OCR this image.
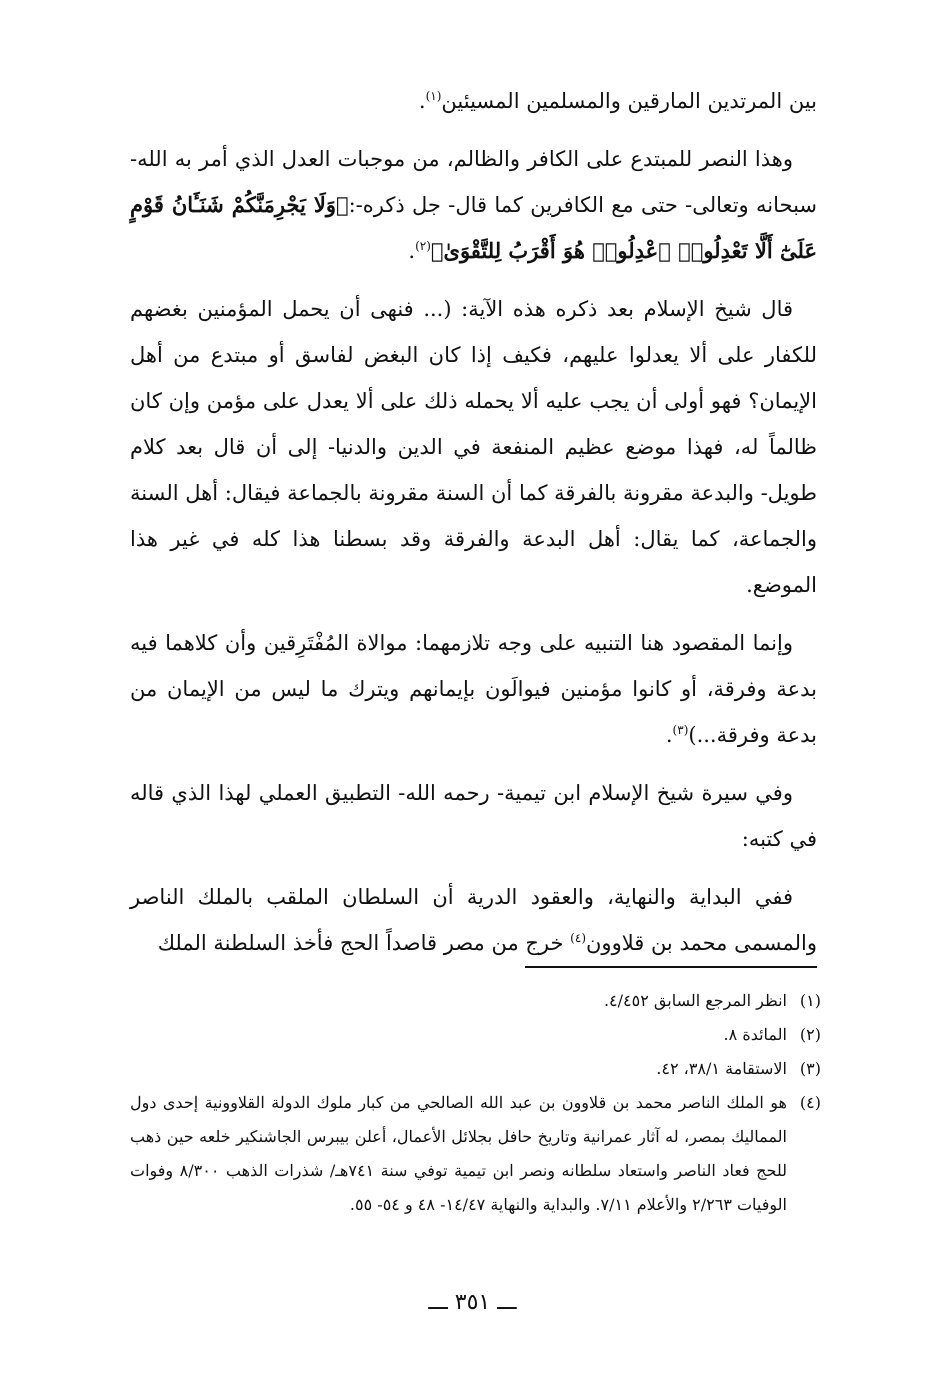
بين المرتدين المارقين والمسلمين المسيئين$^{(١)}$.

وهذا النصر للمبتدع على الكافر والظالم، من موجبات العدل الذي أمر به الله- سبحانه وتعالى- حتى مع الكافرين كما قال- جل ذكره-:﴿وَلَا يَجْرِمَنَّكُمْ شَنَـَٔانُ قَوْمٍ عَلَىٰٓ أَلَّا تَعْدِلُوا۟ ٱعْدِلُوا۟ هُوَ أَقْرَبُ لِلتَّقْوَىٰ﴾$^{(٢)}$.

قال شيخ الإسلام بعد ذكره هذه الآية: (... فنهى أن يحمل المؤمنين بغضهم للكفار على ألا يعدلوا عليهم، فكيف إذا كان البغض لفاسق أو مبتدع من أهل الإيمان؟ فهو أولى أن يجب عليه ألا يحمله ذلك على ألا يعدل على مؤمن وإن كان ظالماً له، فهذا موضع عظيم المنفعة في الدين والدنيا- إلى أن قال بعد كلام طويل- والبدعة مقرونة بالفرقة كما أن السنة مقرونة بالجماعة فيقال: أهل السنة والجماعة، كما يقال: أهل البدعة والفرقة وقد بسطنا هذا كله في غير هذا الموضع.

وإنما المقصود هنا التنبيه على وجه تلازمهما: موالاة المُفْتَرِقين وأن كلاهما فيه بدعة وفرقة، أو كانوا مؤمنين فيوالَون بإيمانهم ويترك ما ليس من الإيمان من بدعة وفرقة...)$^{(٣)}$.

وفي سيرة شيخ الإسلام ابن تيمية- رحمه الله- التطبيق العملي لهذا الذي قاله في كتبه:

ففي البداية والنهاية، والعقود الدرية أن السلطان الملقب بالملك الناصر والمسمى محمد بن قلاوون$^{(٤)}$ خرج من مصر قاصداً الحج فأخذ السلطنة الملك

(١)
انظر المرجع السابق ٤/٤٥٢.
(٢)
المائدة ٨.
(٣)
الاستقامة ٣٨/١، ٤٢.
(٤)
هو الملك الناصر محمد بن قلاوون بن عبد الله الصالحي من كبار ملوك الدولة القلاوونية إحدى دول المماليك بمصر، له آثار عمرانية وتاريخ حافل بجلائل الأعمال، أعلن بيبرس الجاشنكير خلعه حين ذهب للحج فعاد الناصر واستعاد سلطانه ونصر ابن تيمية توفي سنة ٧٤١هـ/ شذرات الذهب ٨/٣٠٠ وفوات الوفيات ٢/٢٦٣ والأعلام ٧/١١. والبداية والنهاية ١٤/٤٧- ٤٨ و ٥٤- ٥٥.
ـــ ٣٥١ ـــ
